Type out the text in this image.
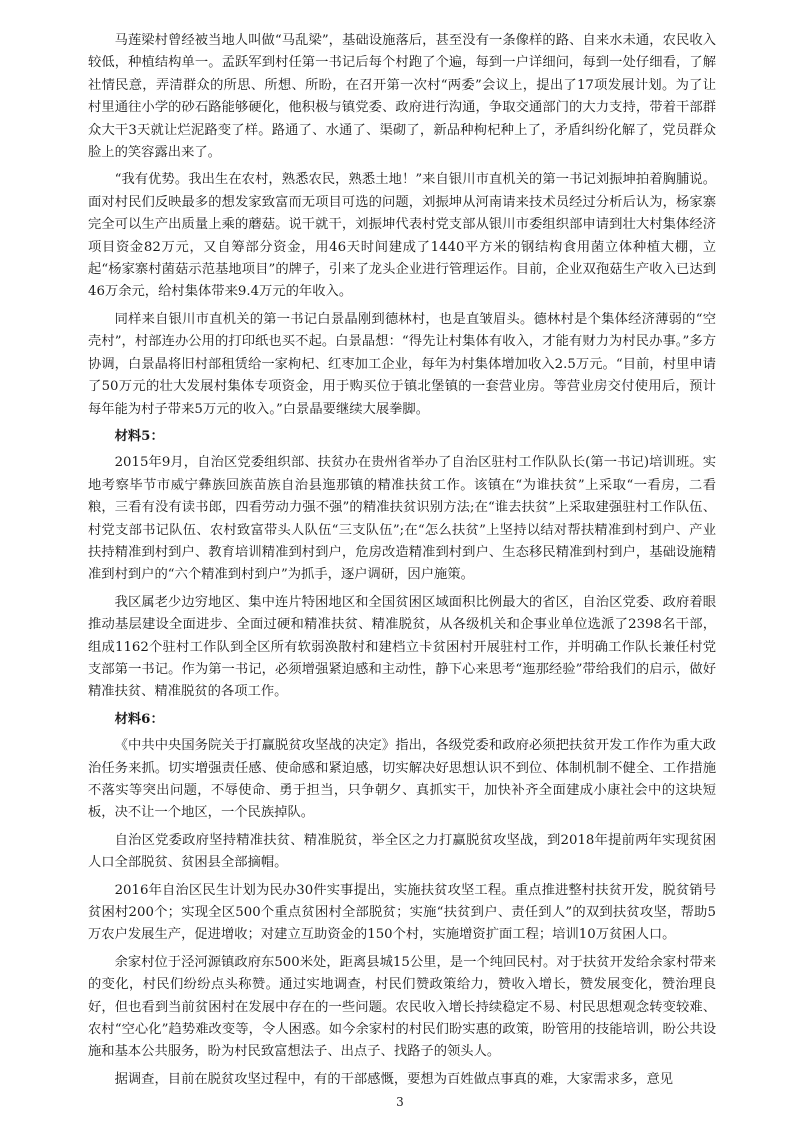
马莲梁村曾经被当地人叫做“马乱梁”，基础设施落后，甚至没有一条像样的路、自来水未通，农民收入较低，种植结构单一。孟跃军到村任第一书记后每个村跑了个遍，每到一户详细问，每到一处仔细看，了解社情民意，弄清群众的所思、所想、所盼，在召开第一次村“两委”会议上，提出了17项发展计划。为了让村里通往小学的砂石路能够硬化，他积极与镇党委、政府进行沟通，争取交通部门的大力支持，带着干部群众大干3天就让烂泥路变了样。路通了、水通了、渠砌了，新品种枸杞种上了，矛盾纠纷化解了，党员群众脸上的笑容露出来了。

“我有优势。我出生在农村，熟悉农民，熟悉土地！”来自银川市直机关的第一书记刘振坤拍着胸脯说。面对村民们反映最多的想发家致富而无项目可选的问题，刘振坤从河南请来技术员经过分析后认为，杨家寨完全可以生产出质量上乘的蘑菇。说干就干，刘振坤代表村党支部从银川市委组织部申请到壮大村集体经济项目资金82万元，又自筹部分资金，用46天时间建成了1440平方米的钢结构食用菌立体种植大棚，立起“杨家寨村菌菇示范基地项目”的牌子，引来了龙头企业进行管理运作。目前，企业双孢菇生产收入已达到46万余元，给村集体带来9.4万元的年收入。

同样来自银川市直机关的第一书记白景晶刚到德林村，也是直皱眉头。德林村是个集体经济薄弱的“空壳村”，村部连办公用的打印纸也买不起。白景晶想：“得先让村集体有收入，才能有财力为村民办事。”多方协调，白景晶将旧村部租赁给一家枸杞、红枣加工企业，每年为村集体增加收入2.5万元。“目前，村里申请了50万元的壮大发展村集体专项资金，用于购买位于镇北堡镇的一套营业房。等营业房交付使用后，预计每年能为村子带来5万元的收入。”白景晶要继续大展拳脚。

材料5：

2015年9月，自治区党委组织部、扶贫办在贵州省举办了自治区驻村工作队队长(第一书记)培训班。实地考察毕节市威宁彝族回族苗族自治县迤那镇的精准扶贫工作。该镇在“为谁扶贫”上采取“一看房，二看粮，三看有没有读书郎，四看劳动力强不强”的精准扶贫识别方法;在“谁去扶贫”上采取建强驻村工作队伍、村党支部书记队伍、农村致富带头人队伍“三支队伍”;在“怎么扶贫”上坚持以结对帮扶精准到村到户、产业扶持精准到村到户、教育培训精准到村到户，危房改造精准到村到户、生态移民精准到村到户，基础设施精准到村到户的“六个精准到村到户”为抓手，逐户调研，因户施策。

我区属老少边穷地区、集中连片特困地区和全国贫困区域面积比例最大的省区，自治区党委、政府着眼推动基层建设全面进步、全面过硬和精准扶贫、精准脱贫，从各级机关和企事业单位选派了2398名干部，组成1162个驻村工作队到全区所有软弱涣散村和建档立卡贫困村开展驻村工作，并明确工作队长兼任村党支部第一书记。作为第一书记，必须增强紧迫感和主动性，静下心来思考“迤那经验”带给我们的启示，做好精准扶贫、精准脱贫的各项工作。

材料6：

《中共中央国务院关于打赢脱贫攻坚战的决定》指出，各级党委和政府必须把扶贫开发工作作为重大政治任务来抓。切实增强责任感、使命感和紧迫感，切实解决好思想认识不到位、体制机制不健全、工作措施不落实等突出问题，不辱使命、勇于担当，只争朝夕、真抓实干，加快补齐全面建成小康社会中的这块短板，决不让一个地区，一个民族掉队。

自治区党委政府坚持精准扶贫、精准脱贫，举全区之力打赢脱贫攻坚战，到2018年提前两年实现贫困人口全部脱贫、贫困县全部摘帽。

2016年自治区民生计划为民办30件实事提出，实施扶贫攻坚工程。重点推进整村扶贫开发，脱贫销号贫困村200个；实现全区500个重点贫困村全部脱贫；实施“扶贫到户、责任到人”的双到扶贫攻坚，帮助5万农户发展生产，促进增收；对建立互助资金的150个村，实施增资扩面工程；培训10万贫困人口。

余家村位于泾河源镇政府东500米处，距离县城15公里，是一个纯回民村。对于扶贫开发给余家村带来的变化，村民们纷纷点头称赞。通过实地调查，村民们赞政策给力，赞收入增长，赞发展变化，赞治理良好，但也看到当前贫困村在发展中存在的一些问题。农民收入增长持续稳定不易、村民思想观念转变较难、农村“空心化”趋势难改变等，令人困惑。如今余家村的村民们盼实惠的政策，盼管用的技能培训，盼公共设施和基本公共服务，盼为村民致富想法子、出点子、找路子的领头人。

据调查，目前在脱贫攻坚过程中，有的干部感慨，要想为百姓做点事真的难，大家需求多，意见

3
